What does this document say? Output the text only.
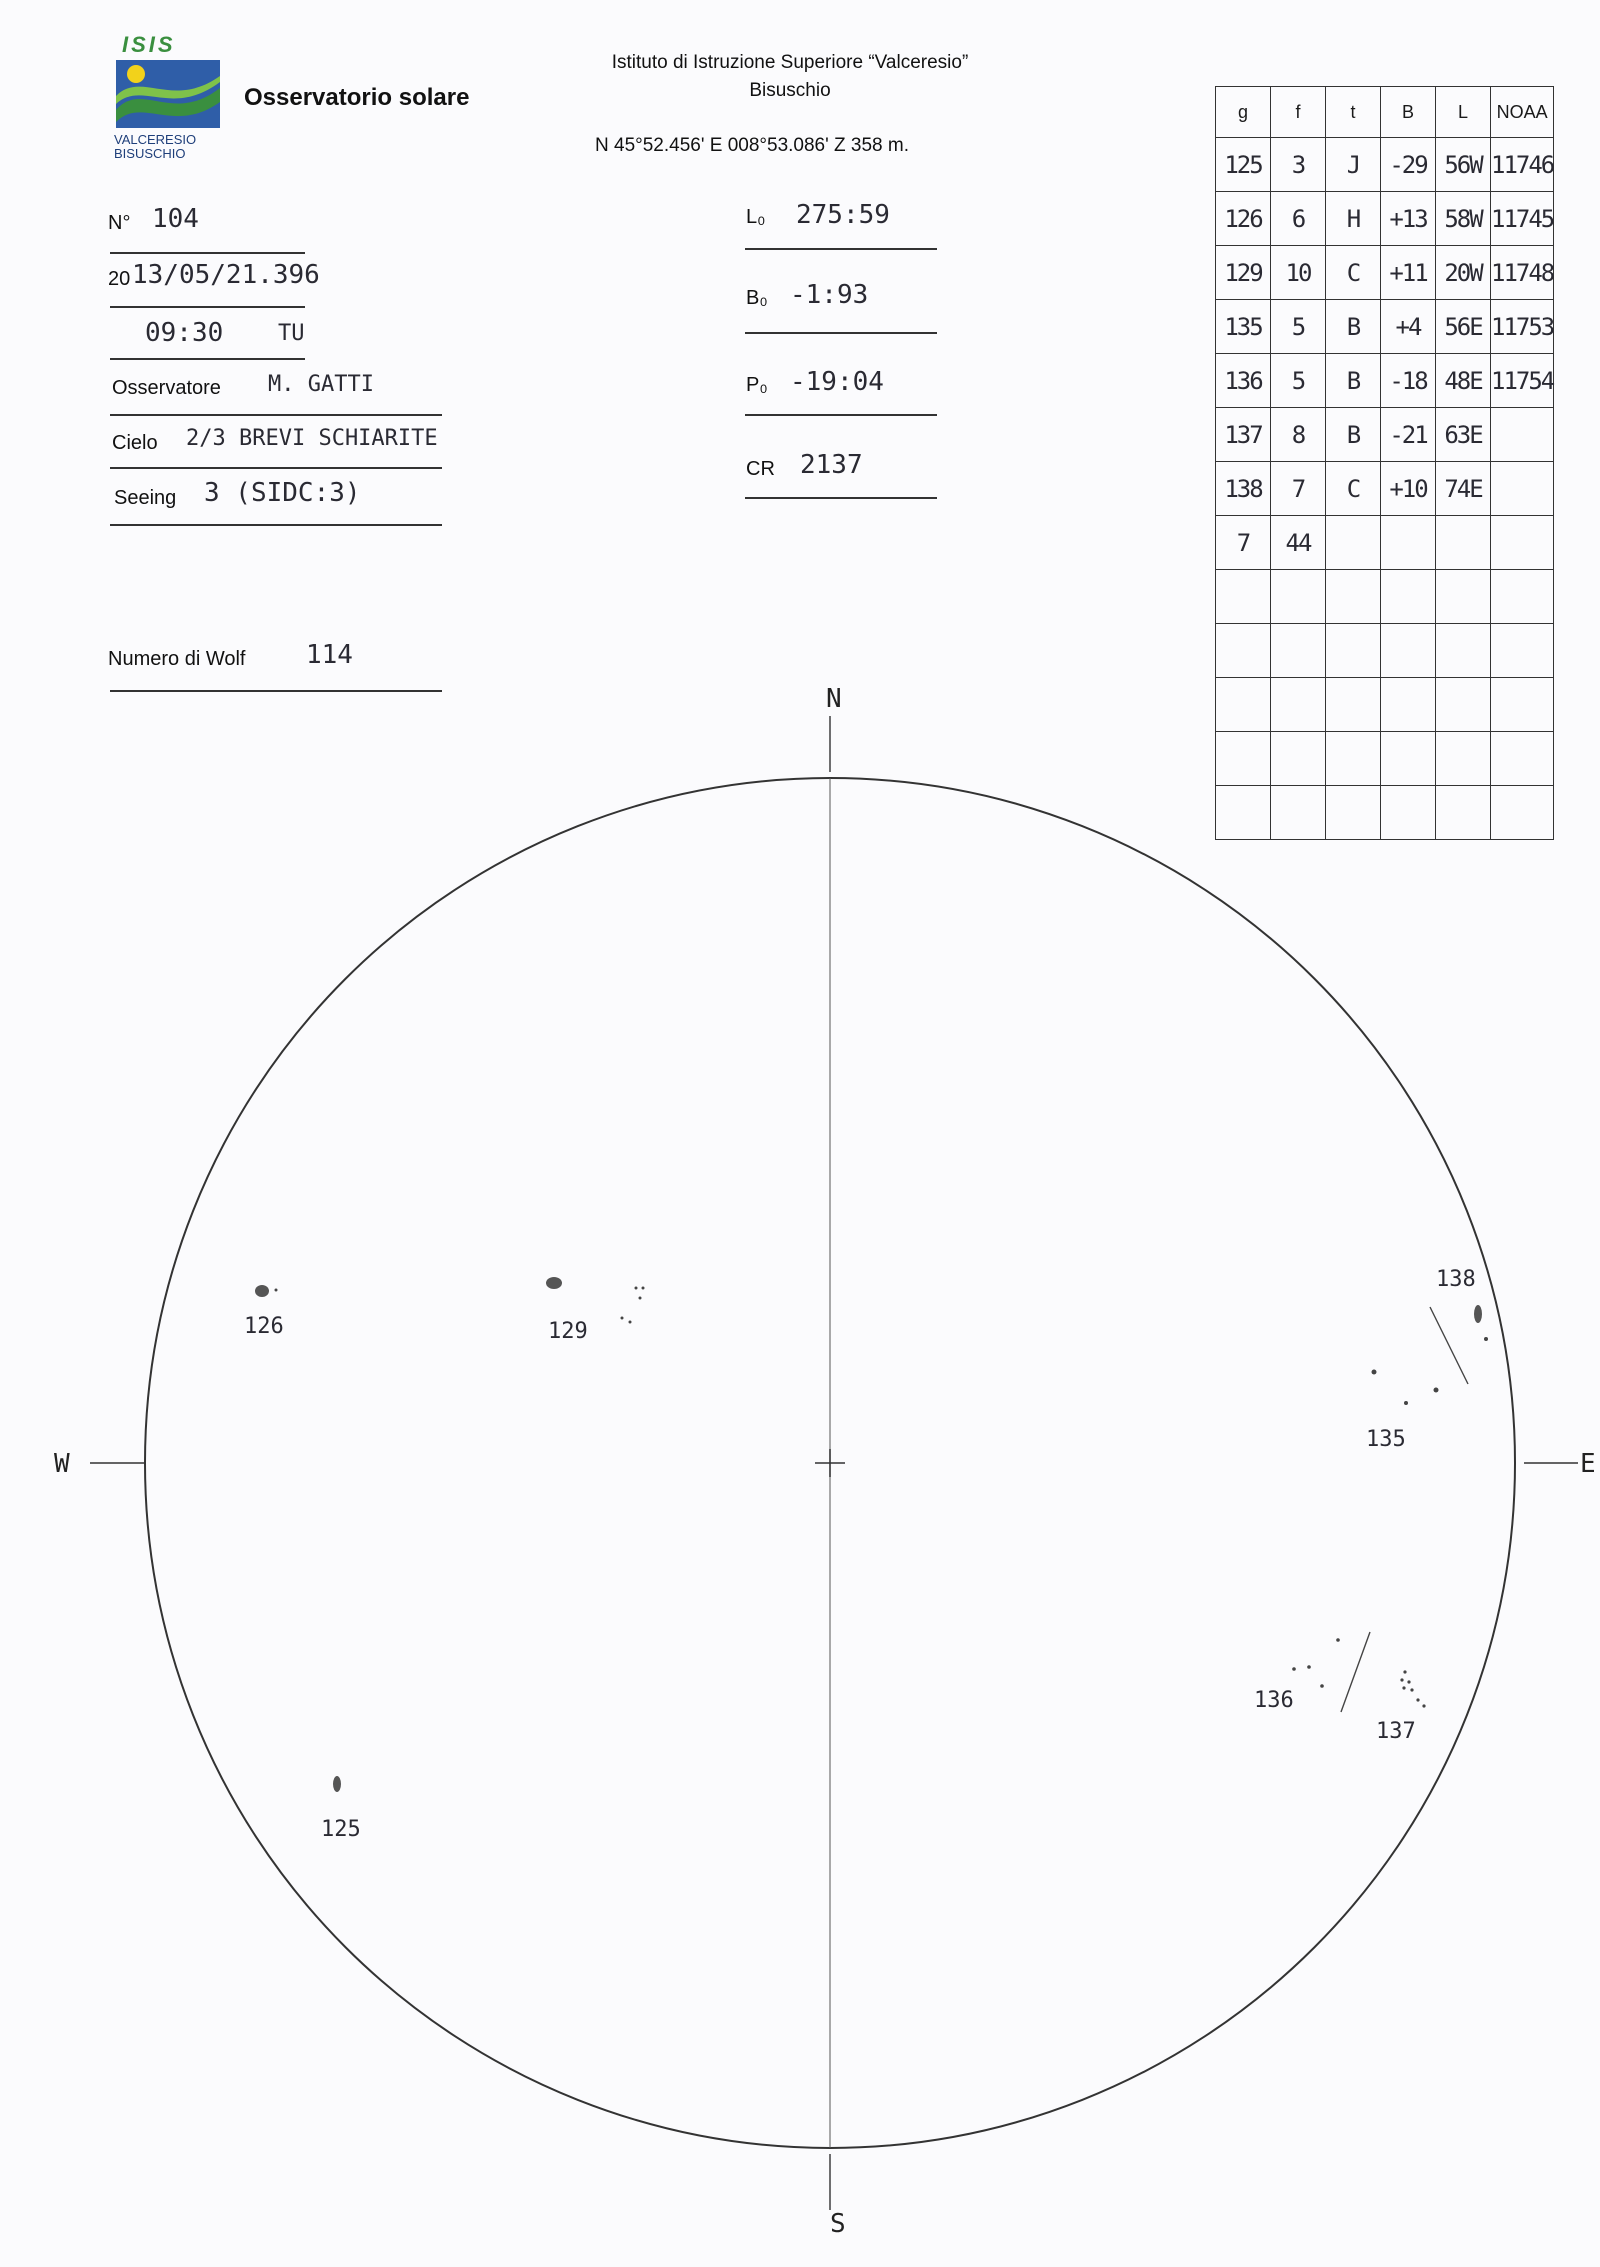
ISIS
VALCERESIO
BISUSCHIO
Osservatorio solare
Istituto di Istruzione Superiore “Valceresio”
Bisuschio
N 45°52.456' E 008°53.086' Z 358 m.
N° 104
20 13/05/21.396
09:30 TU
Osservatore M. GATTI
Cielo 2/3 BREVI SCHIARITE
Seeing 3 (SIDC:3)
Numero di Wolf 114
L₀ 275:59
B₀ -1:93
P₀ -19:04
CR 2137
g	f	t	B	L	NOAA
125	3	J	-29	56W	11746
126	6	H	+13	58W	11745
129	10	C	+11	20W	11748
135	5	B	+4	56E	11753
136	5	B	-18	48E	11754
137	8	B	-21	63E	
138	7	C	+10	74E	
7	44				

N
S
E
W
126	129
138
135
136
137
125
